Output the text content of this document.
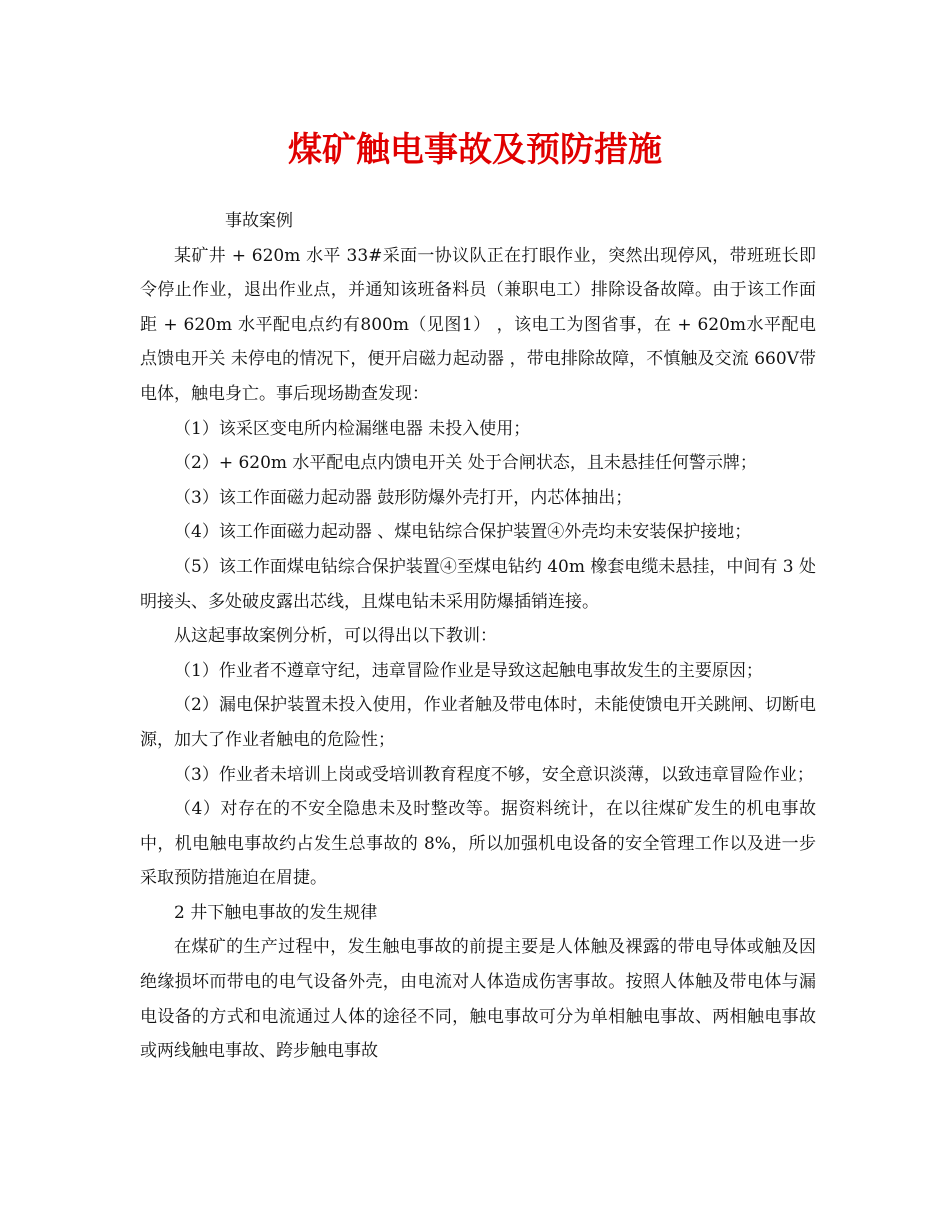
煤矿触电事故及预防措施

事故案例

某矿井 + 620m 水平 33#采面一协议队正在打眼作业，突然出现停风，带班班长即令停止作业，退出作业点，并通知该班备料员（兼职电工）排除设备故障。由于该工作面距 + 620m 水平配电点约有800m（见图1） ，该电工为图省事，在 + 620m水平配电点馈电开关 未停电的情况下，便开启磁力起动器 ，带电排除故障，不慎触及交流 660V带电体，触电身亡。事后现场勘查发现：

（1）该采区变电所内检漏继电器 未投入使用；

（2）+ 620m 水平配电点内馈电开关 处于合闸状态，且未悬挂任何警示牌；

（3）该工作面磁力起动器 鼓形防爆外壳打开，内芯体抽出；

（4）该工作面磁力起动器 、煤电钻综合保护装置④外壳均未安装保护接地；

（5）该工作面煤电钻综合保护装置④至煤电钻约 40m 橡套电缆未悬挂，中间有 3 处明接头、多处破皮露出芯线，且煤电钻未采用防爆插销连接。

从这起事故案例分析，可以得出以下教训：

（1）作业者不遵章守纪，违章冒险作业是导致这起触电事故发生的主要原因；

（2）漏电保护装置未投入使用，作业者触及带电体时，未能使馈电开关跳闸、切断电源，加大了作业者触电的危险性；

（3）作业者未培训上岗或受培训教育程度不够，安全意识淡薄，以致违章冒险作业；

（4）对存在的不安全隐患未及时整改等。据资料统计，在以往煤矿发生的机电事故中，机电触电事故约占发生总事故的 8%，所以加强机电设备的安全管理工作以及进一步采取预防措施迫在眉捷。

2 井下触电事故的发生规律

在煤矿的生产过程中，发生触电事故的前提主要是人体触及裸露的带电导体或触及因绝缘损坏而带电的电气设备外壳，由电流对人体造成伤害事故。按照人体触及带电体与漏电设备的方式和电流通过人体的途径不同，触电事故可分为单相触电事故、两相触电事故或两线触电事故、跨步触电事故
